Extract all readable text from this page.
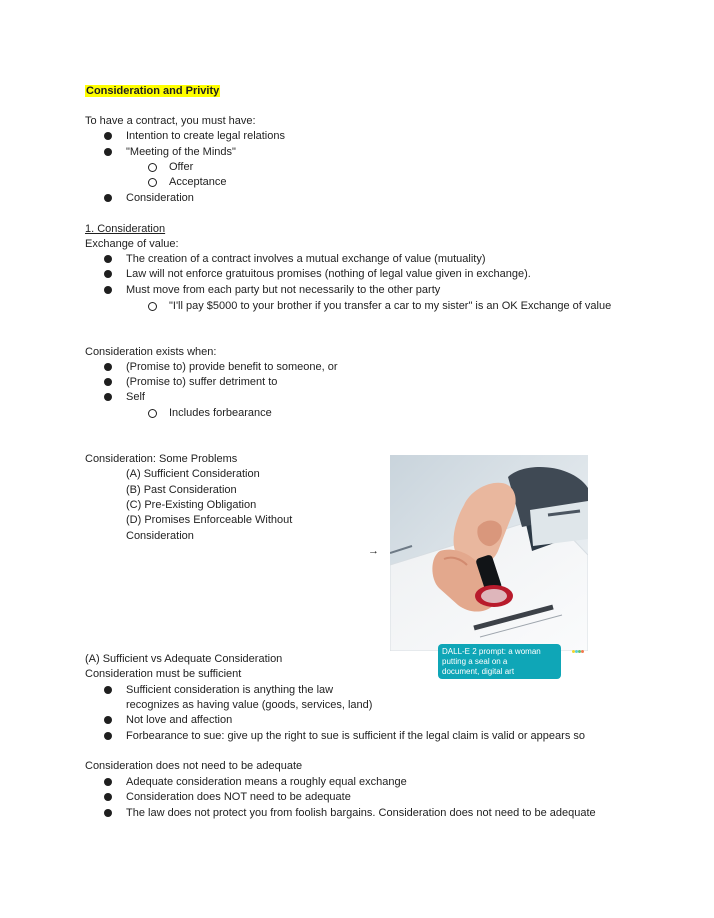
Consideration and Privity
To have a contract, you must have:
Intention to create legal relations
"Meeting of the Minds"
Offer
Acceptance
Consideration
1. Consideration
Exchange of value:
The creation of a contract involves a mutual exchange of value (mutuality)
Law will not enforce gratuitous promises (nothing of legal value given in exchange).
Must move from each party but not necessarily to the other party
"I'll pay $5000 to your brother if you transfer a car to my sister" is an OK Exchange of value
Consideration exists when:
(Promise to) provide benefit to someone, or
(Promise to) suffer detriment to
Self
Includes forbearance
Consideration: Some Problems
(A) Sufficient Consideration
(B) Past Consideration
(C) Pre-Existing Obligation
(D) Promises Enforceable Without
Consideration
→
DALL-E 2 prompt: a woman
putting a seal on a
document, digital art
(A) Sufficient vs Adequate Consideration
Consideration must be sufficient
Sufficient consideration is anything the law
recognizes as having value (goods, services, land)
Not love and affection
Forbearance to sue: give up the right to sue is sufficient if the legal claim is valid or appears so
Consideration does not need to be adequate
Adequate consideration means a roughly equal exchange
Consideration does NOT need to be adequate
The law does not protect you from foolish bargains. Consideration does not need to be adequate
